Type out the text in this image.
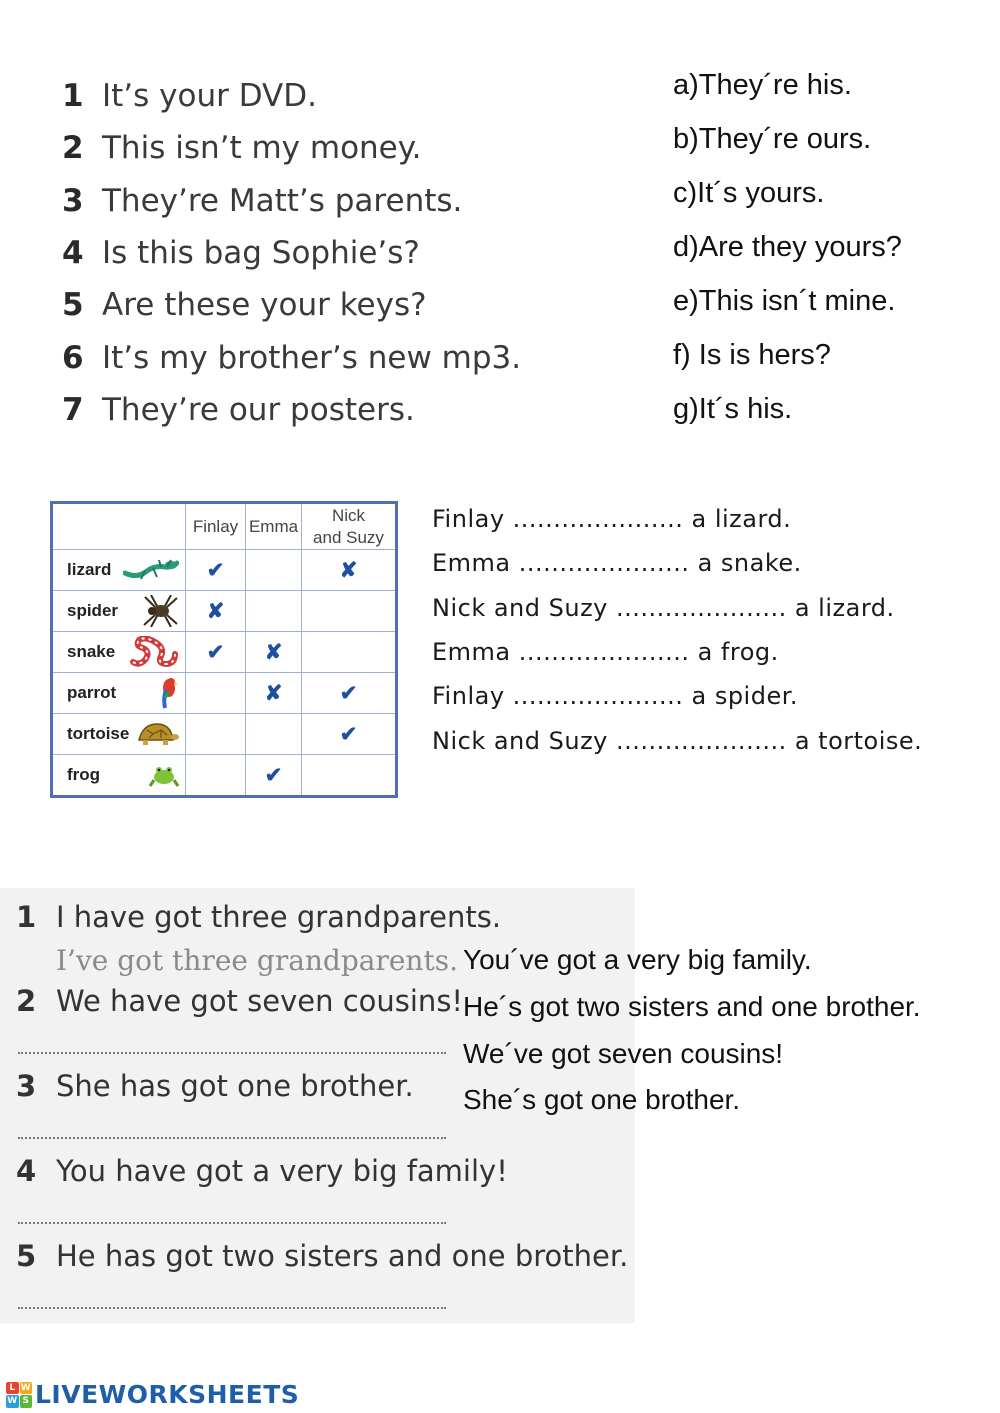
1 It’s your DVD.
2 This isn’t my money.
3 They’re Matt’s parents.
4 Is this bag Sophie’s?
5 Are these your keys?
6 It’s my brother’s new mp3.
7 They’re our posters.
a)They´re his.
b)They´re ours.
c)It´s yours.
d)Are they yours?
e)This isn´t mine.
f) Is is hers?
g)It´s his.
	Finlay	Emma	Nick
and Suzy

lizard	✔		✘

spider	✘		

snake	✔	✘	

parrot		✘	✔

tortoise			✔

frog		✔	
Finlay ..................... a lizard.
Emma ..................... a snake.
Nick and Suzy ..................... a lizard.
Emma ..................... a frog.
Finlay ..................... a spider.
Nick and Suzy ..................... a tortoise.
1 I have got three grandparents.
I’ve got three grandparents.
2 We have got seven cousins!
3 She has got one brother.
4 You have got a very big family!
5 He has got two sisters and one brother.
You´ve got a very big family.
He´s got two sisters and one brother.
We´ve got seven cousins!
She´s got one brother.
L W
W S LIVEWORKSHEETS
